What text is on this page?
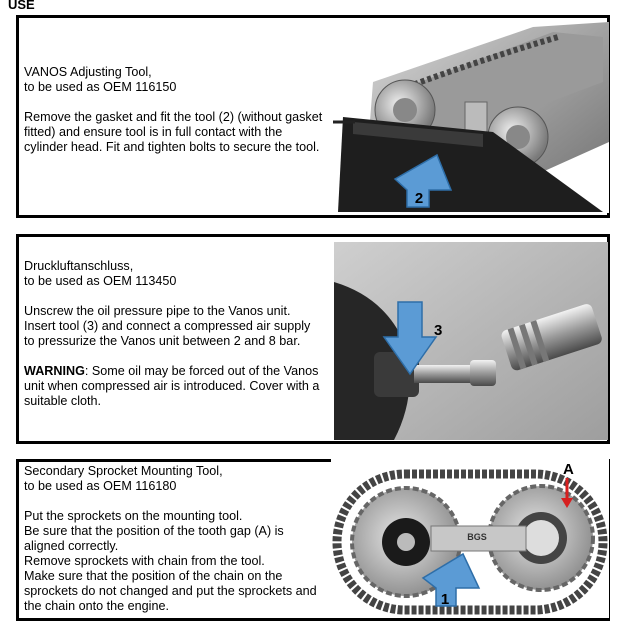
USE

VANOS Adjusting Tool,
to be used as OEM 116150

Remove the gasket and fit the tool (2) (without gasket fitted) and ensure tool is in full contact with the cylinder head. Fit and tighten bolts to secure the tool.

2

Druckluftanschluss,
to be used as OEM 113450

Unscrew the oil pressure pipe to the Vanos unit. Insert tool (3) and connect a compressed air supply to pressurize the Vanos unit between 2 and 8 bar.

WARNING: Some oil may be forced out of the Vanos unit when compressed air is introduced. Cover with a suitable cloth.

3

Secondary Sprocket Mounting Tool,
to be used as OEM 116180

Put the sprockets on the mounting tool.
Be sure that the position of the tooth gap (A) is aligned correctly.
Remove sprockets with chain from the tool.
Make sure that the position of the chain on the sprockets do not changed and put the sprockets and the chain onto the engine.

BGS
A
1
